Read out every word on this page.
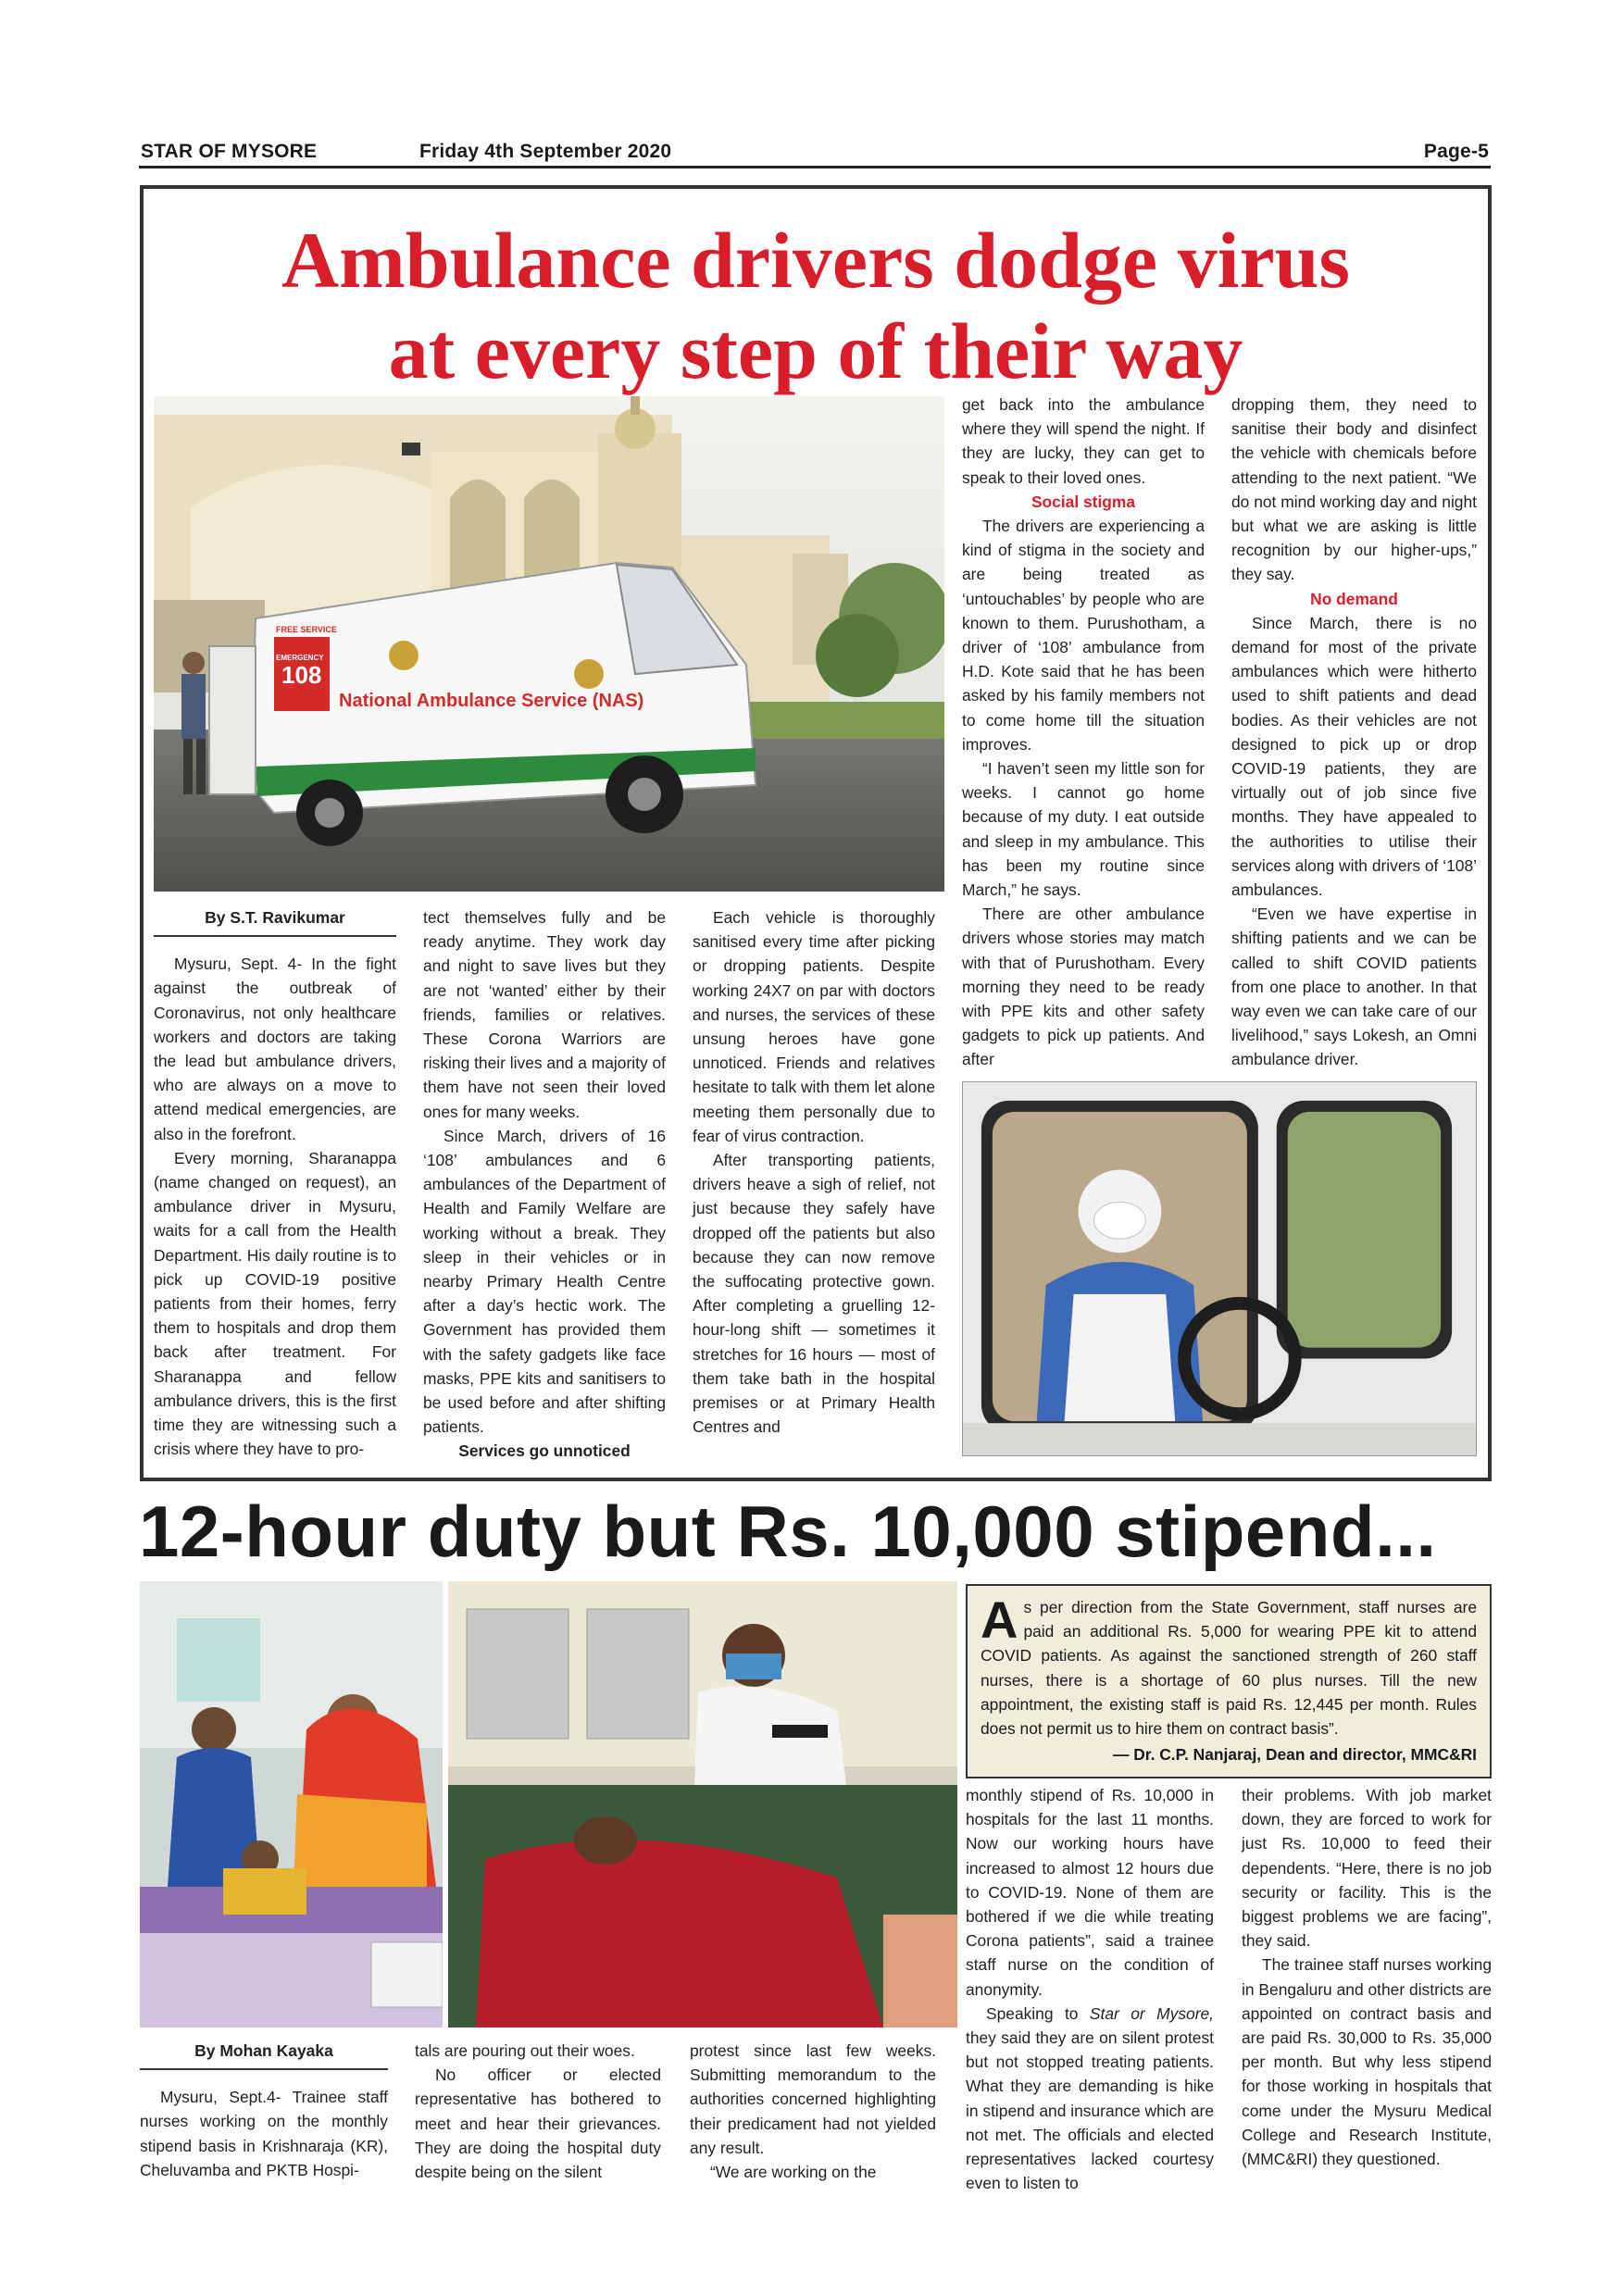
STAR OF MYSORE	Friday 4th September 2020	Page-5
Ambulance drivers dodge virus
at every step of their way
108
EMERGENCY
FREE SERVICE
National Ambulance Service (NAS)
By S.T. Ravikumar

Mysuru, Sept. 4- In the fight against the outbreak of Coronavirus, not only healthcare workers and doctors are taking the lead but ambulance drivers, who are always on a move to attend medical emergencies, are also in the forefront.

Every morning, Sharanappa (name changed on request), an ambulance driver in Mysuru, waits for a call from the Health Department. His daily routine is to pick up COVID-19 positive patients from their homes, ferry them to hospitals and drop them back after treatment. For Sharanappa and fellow ambulance drivers, this is the first time they are witnessing such a crisis where they have to pro-

tect themselves fully and be ready anytime. They work day and night to save lives but they are not ‘wanted’ either by their friends, families or relatives. These Corona Warriors are risking their lives and a majority of them have not seen their loved ones for many weeks.

Since March, drivers of 16 ‘108’ ambulances and 6 ambulances of the Department of Health and Family Welfare are working without a break. They sleep in their vehicles or in nearby Primary Health Centre after a day’s hectic work. The Government has provided them with the safety gadgets like face masks, PPE kits and sanitisers to be used before and after shifting patients.

Services go unnoticed

Each vehicle is thoroughly sanitised every time after picking or dropping patients. Despite working 24X7 on par with doctors and nurses, the services of these unsung heroes have gone unnoticed. Friends and relatives hesitate to talk with them let alone meeting them personally due to fear of virus contraction.

After transporting patients, drivers heave a sigh of relief, not just because they safely have dropped off the patients but also because they can now remove the suffocating protective gown. After completing a gruelling 12-hour-long shift — sometimes it stretches for 16 hours — most of them take bath in the hospital premises or at Primary Health Centres and

get back into the ambulance where they will spend the night. If they are lucky, they can get to speak to their loved ones.

Social stigma

The drivers are experiencing a kind of stigma in the society and are being treated as ‘untouchables’ by people who are known to them. Purushotham, a driver of ‘108’ ambulance from H.D. Kote said that he has been asked by his family members not to come home till the situation improves.

“I haven’t seen my little son for weeks. I cannot go home because of my duty. I eat outside and sleep in my ambulance. This has been my routine since March,” he says.

There are other ambulance drivers whose stories may match with that of Purushotham. Every morning they need to be ready with PPE kits and other safety gadgets to pick up patients. And after

dropping them, they need to sanitise their body and disinfect the vehicle with chemicals before attending to the next patient. “We do not mind working day and night but what we are asking is little recognition by our higher-ups,” they say.

No demand

Since March, there is no demand for most of the private ambulances which were hitherto used to shift patients and dead bodies. As their vehicles are not designed to pick up or drop COVID-19 patients, they are virtually out of job since five months. They have appealed to the authorities to utilise their services along with drivers of ‘108’ ambulances.

“Even we have expertise in shifting patients and we can be called to shift COVID patients from one place to another. In that way even we can take care of our livelihood,” says Lokesh, an Omni ambulance driver.

12-hour duty but Rs. 10,000 stipend...
As per direction from the State Government, staff nurses are paid an additional Rs. 5,000 for wearing PPE kit to attend COVID patients. As against the sanctioned strength of 260 staff nurses, there is a shortage of 60 plus nurses. Till the new appointment, the existing staff is paid Rs. 12,445 per month. Rules does not permit us to hire them on contract basis”.
— Dr. C.P. Nanjaraj, Dean and director, MMC&RI
By Mohan Kayaka

Mysuru, Sept.4- Trainee staff nurses working on the monthly stipend basis in Krishnaraja (KR), Cheluvamba and PKTB Hospi-

tals are pouring out their woes.

No officer or elected representative has bothered to meet and hear their grievances. They are doing the hospital duty despite being on the silent

protest since last few weeks. Submitting memorandum to the authorities concerned highlighting their predicament had not yielded any result.

“We are working on the

monthly stipend of Rs. 10,000 in hospitals for the last 11 months. Now our working hours have increased to almost 12 hours due to COVID-19. None of them are bothered if we die while treating Corona patients”, said a trainee staff nurse on the condition of anonymity.

Speaking to Star or Mysore, they said they are on silent protest but not stopped treating patients. What they are demanding is hike in stipend and insurance which are not met. The officials and elected representatives lacked courtesy even to listen to

their problems. With job market down, they are forced to work for just Rs. 10,000 to feed their dependents. “Here, there is no job security or facility. This is the biggest problems we are facing”, they said.

The trainee staff nurses working in Bengaluru and other districts are appointed on contract basis and are paid Rs. 30,000 to Rs. 35,000 per month. But why less stipend for those working in hospitals that come under the Mysuru Medical College and Research Institute, (MMC&RI) they questioned.
